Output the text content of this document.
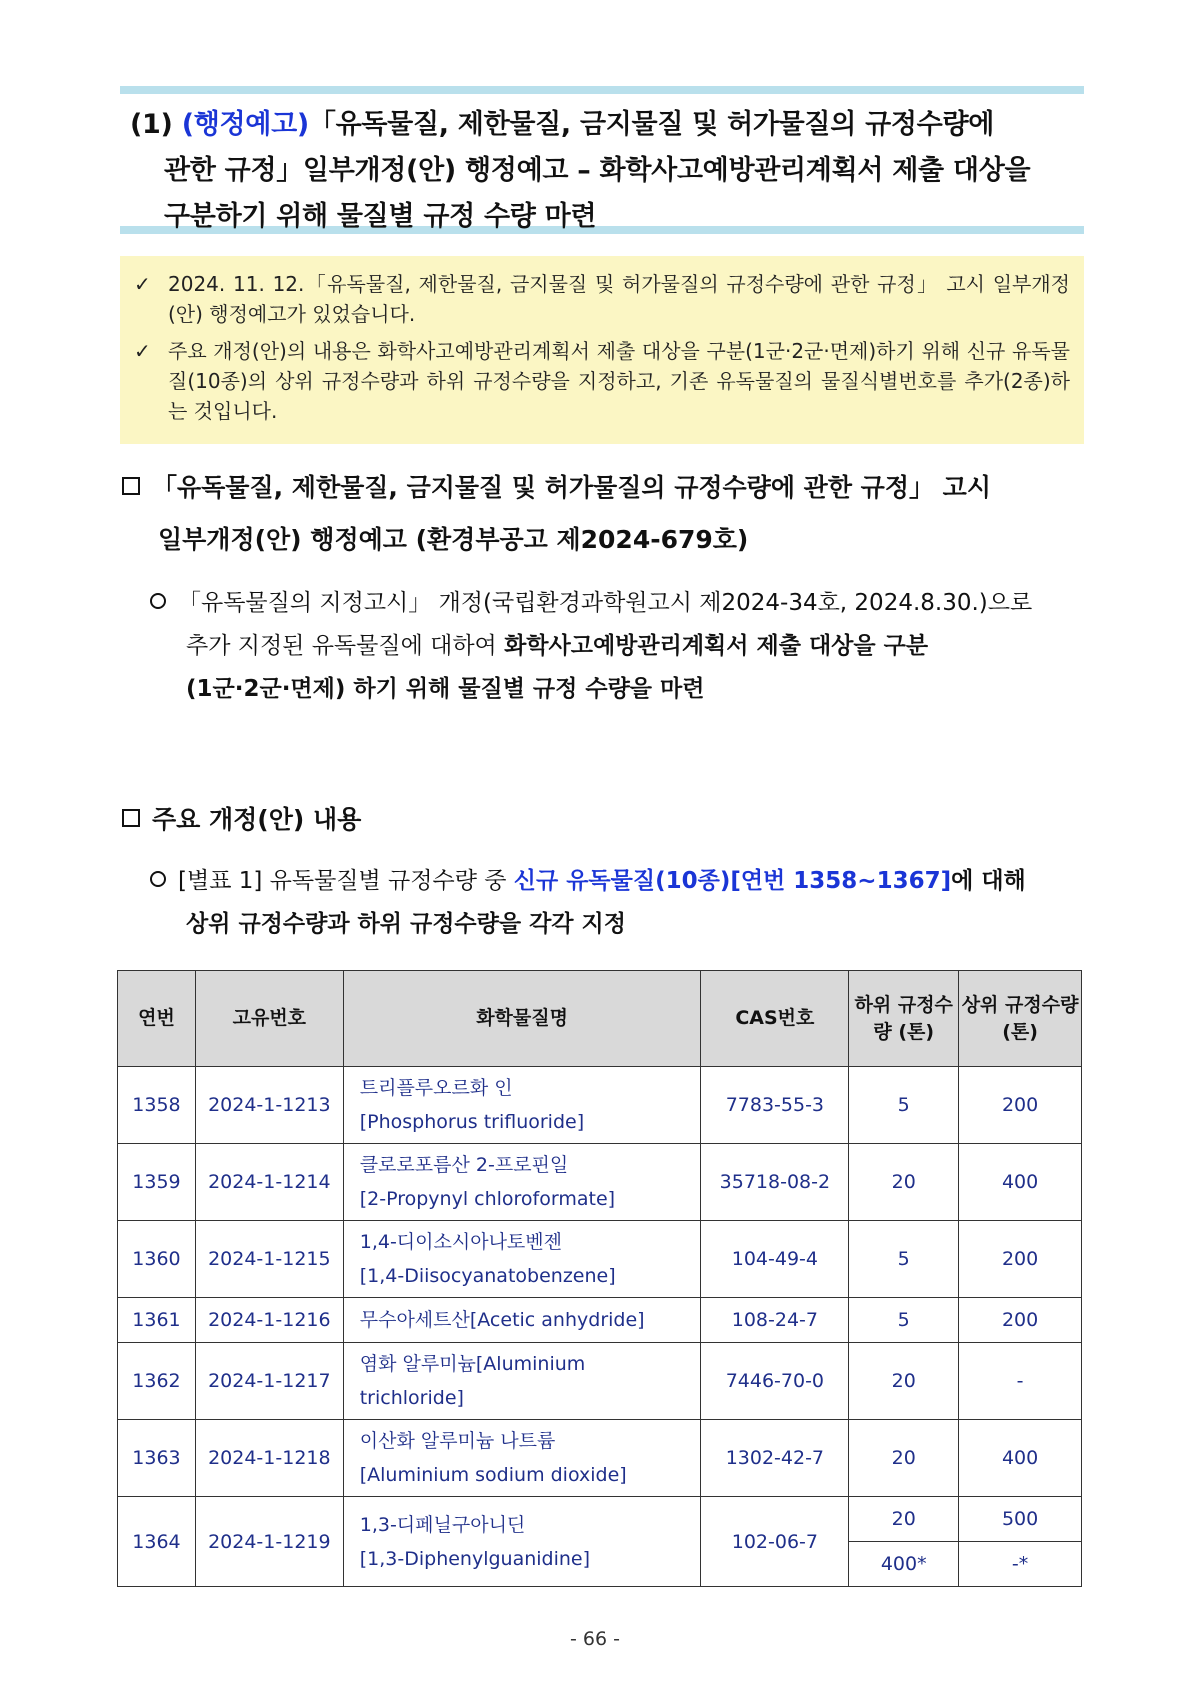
(1) (행정예고)「유독물질, 제한물질, 금지물질 및 허가물질의 규정수량에
관한 규정」일부개정(안) 행정예고 – 화학사고예방관리계획서 제출 대상을
구분하기 위해 물질별 규정 수량 마련
✓ 2024. 11. 12.「유독물질, 제한물질, 금지물질 및 허가물질의 규정수량에 관한 규정」 고시 일부개정(안) 행정예고가 있었습니다.
✓ 주요 개정(안)의 내용은 화학사고예방관리계획서 제출 대상을 구분(1군·2군·면제)하기 위해 신규 유독물질(10종)의 상위 규정수량과 하위 규정수량을 지정하고, 기존 유독물질의 물질식별번호를 추가(2종)하는 것입니다.
「유독물질, 제한물질, 금지물질 및 허가물질의 규정수량에 관한 규정」 고시
일부개정(안) 행정예고 (환경부공고 제2024-679호)
「유독물질의 지정고시」 개정(국립환경과학원고시 제2024-34호, 2024.8.30.)으로
추가 지정된 유독물질에 대하여 화학사고예방관리계획서 제출 대상을 구분
(1군·2군·면제) 하기 위해 물질별 규정 수량을 마련
주요 개정(안) 내용
[별표 1] 유독물질별 규정수량 중 신규 유독물질(10종)[연번 1358~1367]에 대해
상위 규정수량과 하위 규정수량을 각각 지정
연번	고유번호	화학물질명	CAS번호	하위 규정수량 (톤)	상위 규정수량 (톤)
1358	2024-1-1213	트리플루오르화 인
[Phosphorus trifluoride]	7783-55-3	5	200
1359	2024-1-1214	클로로포름산 2-프로핀일
[2-Propynyl chloroformate]	35718-08-2	20	400
1360	2024-1-1215	1,4-디이소시아나토벤젠
[1,4-Diisocyanatobenzene]	104-49-4	5	200
1361	2024-1-1216	무수아세트산[Acetic anhydride]	108-24-7	5	200
1362	2024-1-1217	염화 알루미늄[Aluminium
trichloride]	7446-70-0	20	-
1363	2024-1-1218	이산화 알루미늄 나트륨
[Aluminium sodium dioxide]	1302-42-7	20	400
1364	2024-1-1219	1,3-디페닐구아니딘
[1,3-Diphenylguanidine]	102-06-7	20	500
				400*	-*
- 66 -
